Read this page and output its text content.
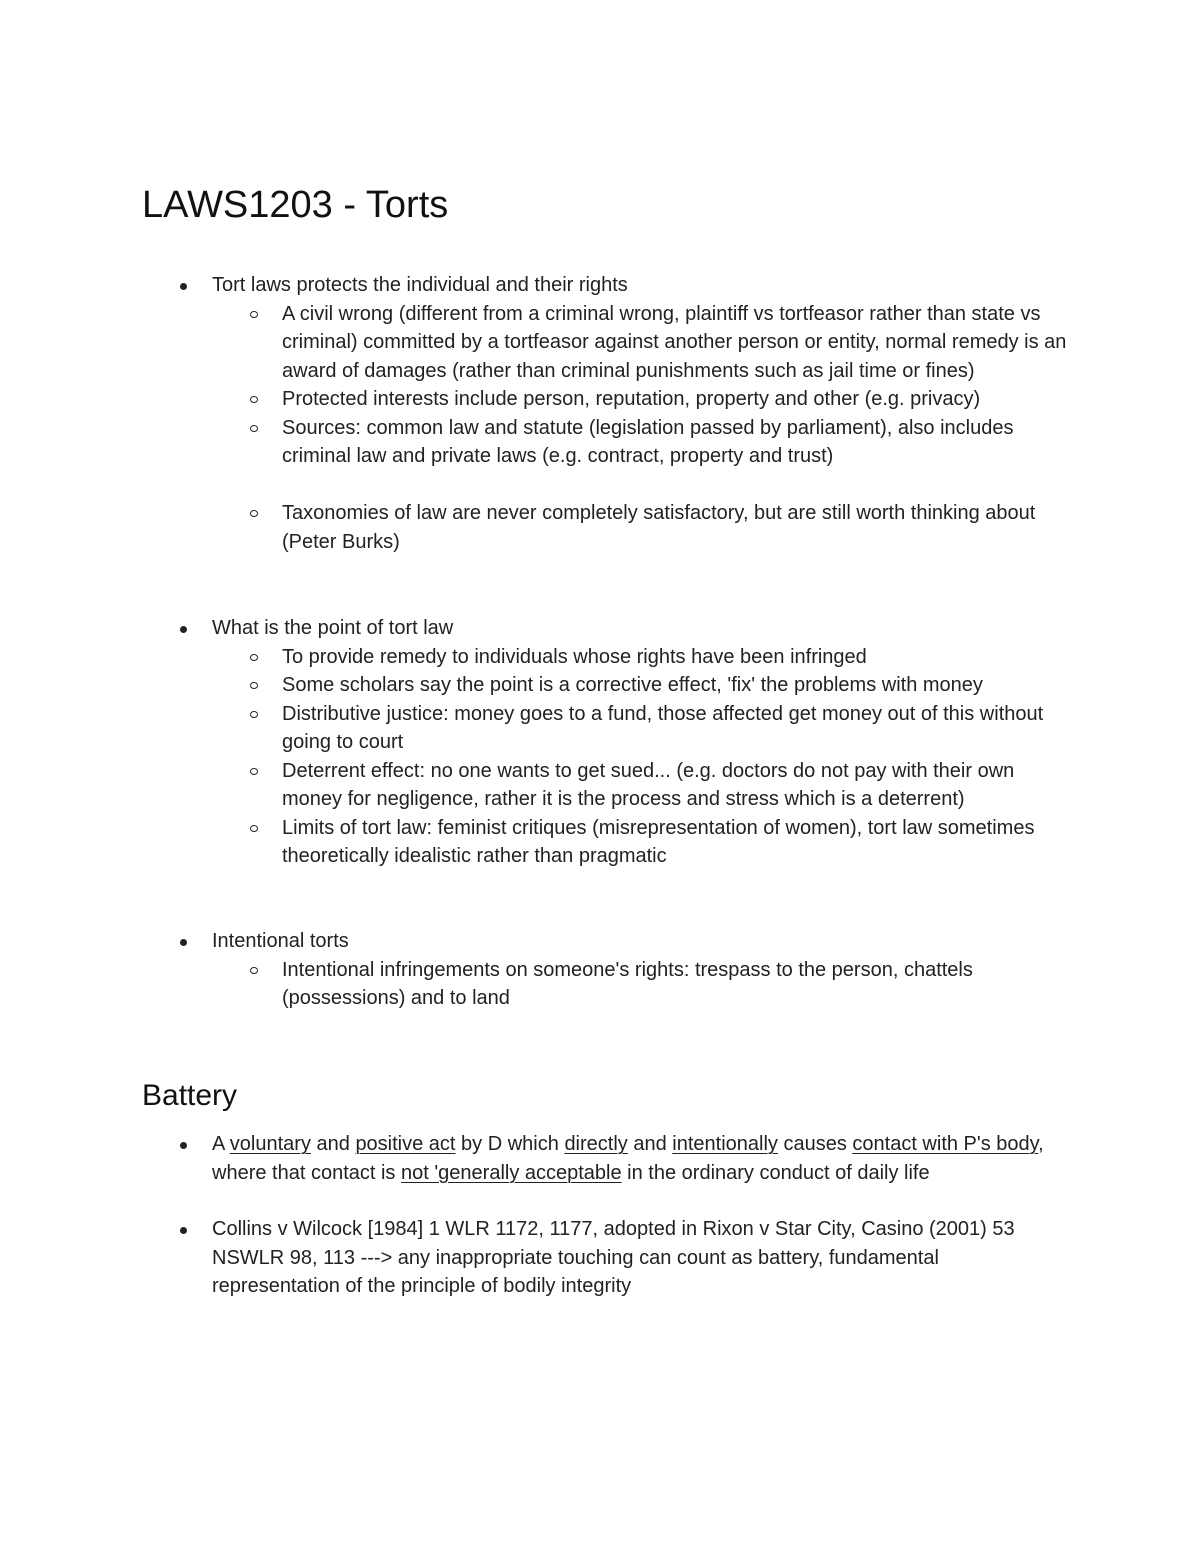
LAWS1203 - Torts
Tort laws protects the individual and their rights
A civil wrong (different from a criminal wrong, plaintiff vs tortfeasor rather than state vs criminal) committed by a tortfeasor against another person or entity, normal remedy is an award of damages (rather than criminal punishments such as jail time or fines)
Protected interests include person, reputation, property and other (e.g. privacy)
Sources: common law and statute (legislation passed by parliament), also includes criminal law and private laws (e.g. contract, property and trust)
Taxonomies of law are never completely satisfactory, but are still worth thinking about (Peter Burks)
What is the point of tort law
To provide remedy to individuals whose rights have been infringed
Some scholars say the point is a corrective effect, 'fix' the problems with money
Distributive justice: money goes to a fund, those affected get money out of this without going to court
Deterrent effect: no one wants to get sued... (e.g. doctors do not pay with their own money for negligence, rather it is the process and stress which is a deterrent)
Limits of tort law: feminist critiques (misrepresentation of women), tort law sometimes theoretically idealistic rather than pragmatic
Intentional torts
Intentional infringements on someone's rights: trespass to the person, chattels (possessions) and to land
Battery
A voluntary and positive act by D which directly and intentionally causes contact with P's body, where that contact is not 'generally acceptable in the ordinary conduct of daily life
Collins v Wilcock [1984] 1 WLR 1172, 1177, adopted in Rixon v Star City, Casino (2001) 53 NSWLR 98, 113 ---> any inappropriate touching can count as battery, fundamental representation of the principle of bodily integrity
